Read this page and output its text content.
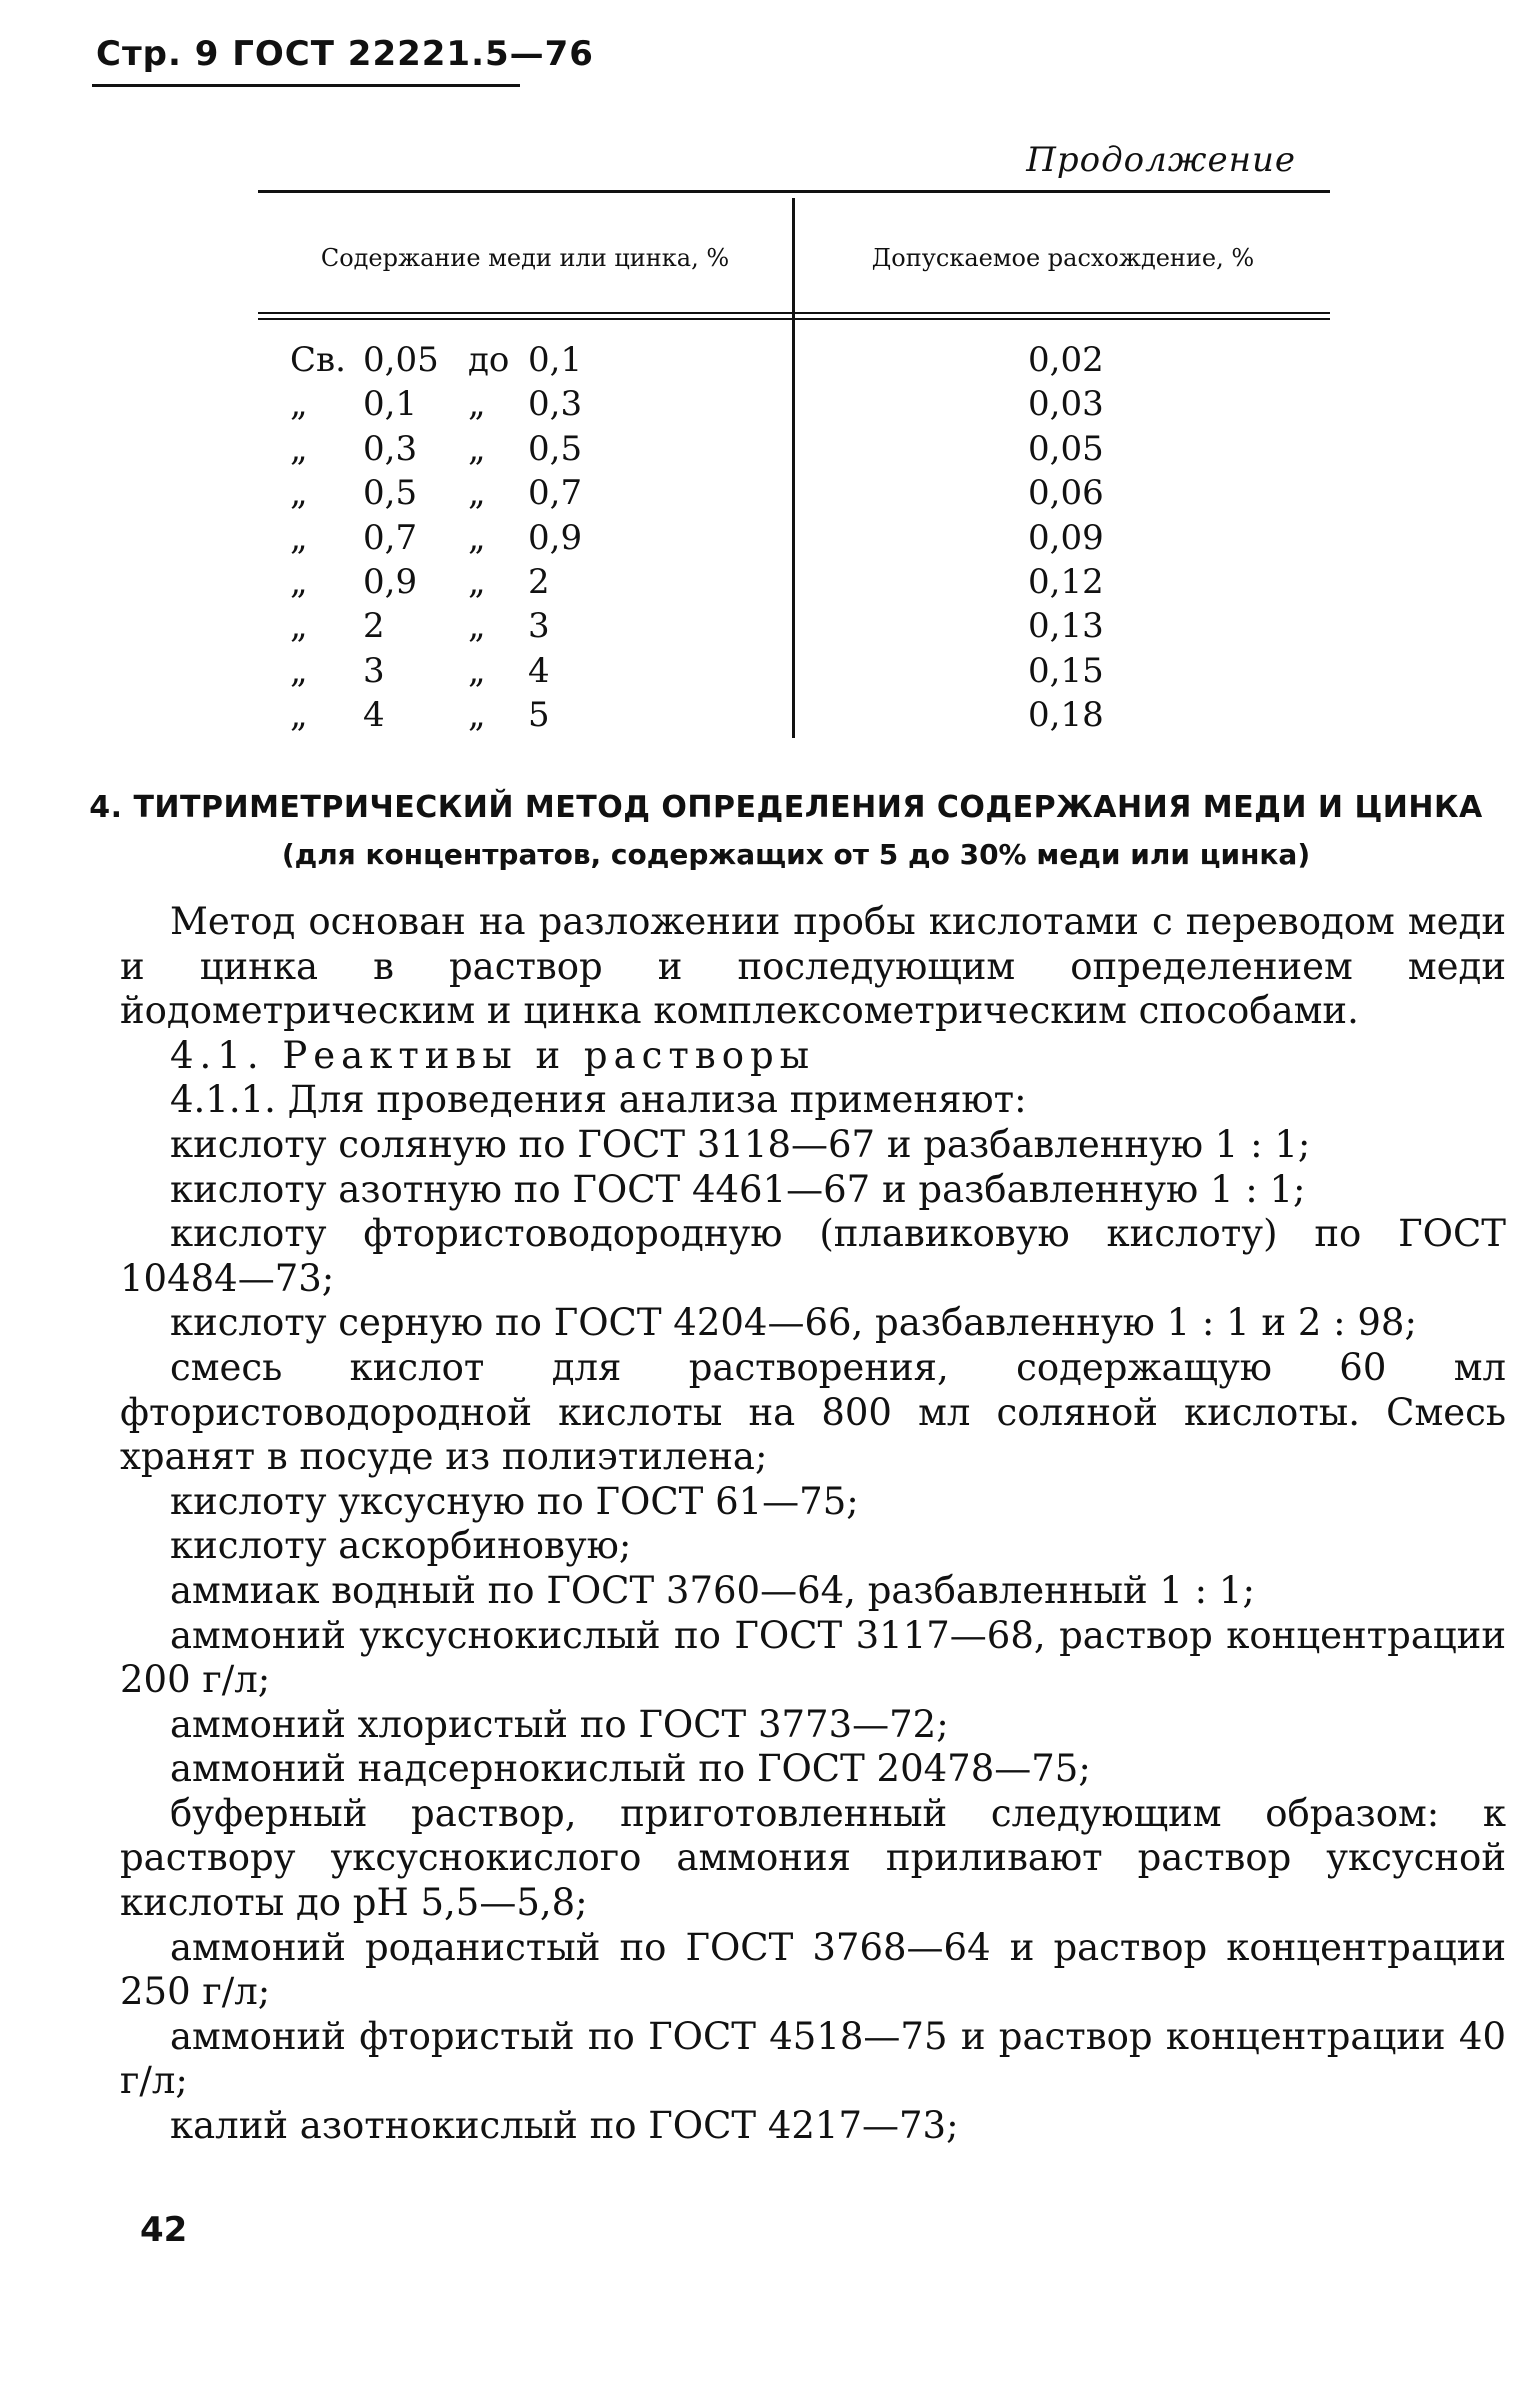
Стр. 9 ГОСТ 22221.5—76
Продолжение
Содержание меди или цинка, %	Допускаемое расхождение, %
Св. 0,05 до 0,1	0,02
„ 0,1 „ 0,3	0,03
„ 0,3 „ 0,5	0,05
„ 0,5 „ 0,7	0,06
„ 0,7 „ 0,9	0,09
„ 0,9 „ 2	0,12
„ 2 „ 3	0,13
„ 3 „ 4	0,15
„ 4 „ 5	0,18
4. ТИТРИМЕТРИЧЕСКИЙ МЕТОД ОПРЕДЕЛЕНИЯ СОДЕРЖАНИЯ МЕДИ И ЦИНКА
(для концентратов, содержащих от 5 до 30% меди или цинка)

Метод основан на разложении пробы кислотами с переводом меди и цинка в раствор и последующим определением меди йодометрическим и цинка комплексометрическим способами.

4.1. Реактивы и растворы

4.1.1. Для проведения анализа применяют:

кислоту соляную по ГОСТ 3118—67 и разбавленную 1 : 1;

кислоту азотную по ГОСТ 4461—67 и разбавленную 1 : 1;

кислоту фтористоводородную (плавиковую кислоту) по ГОСТ 10484—73;

кислоту серную по ГОСТ 4204—66, разбавленную 1 : 1 и 2 : 98;

смесь кислот для растворения, содержащую 60 мл фтористоводородной кислоты на 800 мл соляной кислоты. Смесь хранят в посуде из полиэтилена;

кислоту уксусную по ГОСТ 61—75;

кислоту аскорбиновую;

аммиак водный по ГОСТ 3760—64, разбавленный 1 : 1;

аммоний уксуснокислый по ГОСТ 3117—68, раствор концентрации 200 г/л;

аммоний хлористый по ГОСТ 3773—72;

аммоний надсернокислый по ГОСТ 20478—75;

буферный раствор, приготовленный следующим образом: к раствору уксуснокислого аммония приливают раствор уксусной кислоты до рН 5,5—5,8;

аммоний роданистый по ГОСТ 3768—64 и раствор концентрации 250 г/л;

аммоний фтористый по ГОСТ 4518—75 и раствор концентрации 40 г/л;

калий азотнокислый по ГОСТ 4217—73;

42
